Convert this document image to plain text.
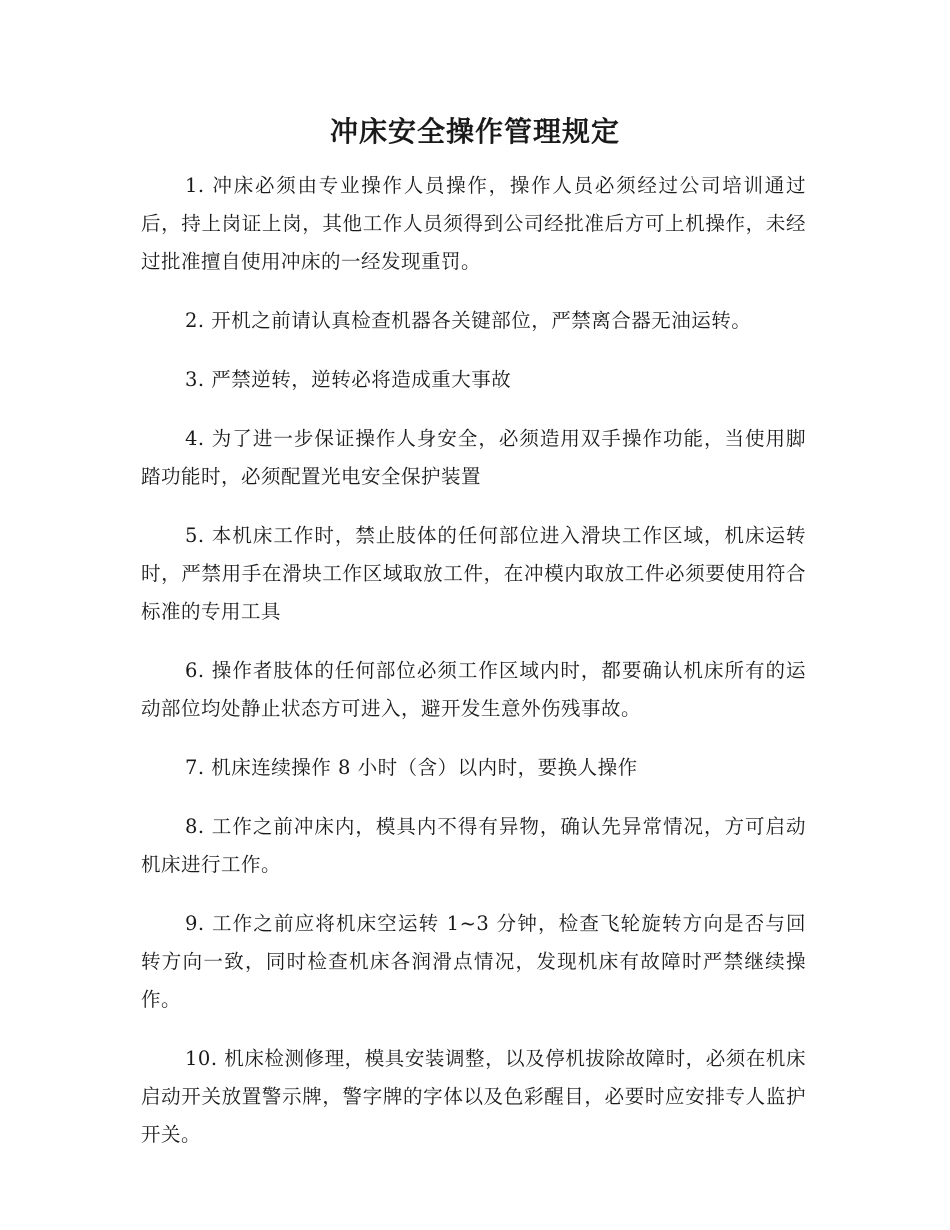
冲床安全操作管理规定

1. 冲床必须由专业操作人员操作，操作人员必须经过公司培训通过后，持上岗证上岗，其他工作人员须得到公司经批准后方可上机操作，未经过批准擅自使用冲床的一经发现重罚。

2. 开机之前请认真检查机器各关键部位，严禁离合器无油运转。

3. 严禁逆转，逆转必将造成重大事故

4. 为了进一步保证操作人身安全，必须造用双手操作功能，当使用脚踏功能时，必须配置光电安全保护装置

5. 本机床工作时，禁止肢体的任何部位进入滑块工作区域，机床运转时，严禁用手在滑块工作区域取放工件，在冲模内取放工件必须要使用符合标准的专用工具

6. 操作者肢体的任何部位必须工作区域内时，都要确认机床所有的运动部位均处静止状态方可进入，避开发生意外伤残事故。

7. 机床连续操作 8 小时（含）以内时，要换人操作

8. 工作之前冲床内，模具内不得有异物，确认先异常情况，方可启动机床进行工作。

9. 工作之前应将机床空运转 1~3 分钟，检查飞轮旋转方向是否与回转方向一致，同时检查机床各润滑点情况，发现机床有故障时严禁继续操作。

10. 机床检测修理，模具安装调整，以及停机拔除故障时，必须在机床启动开关放置警示牌，警字牌的字体以及色彩醒目，必要时应安排专人监护开关。
